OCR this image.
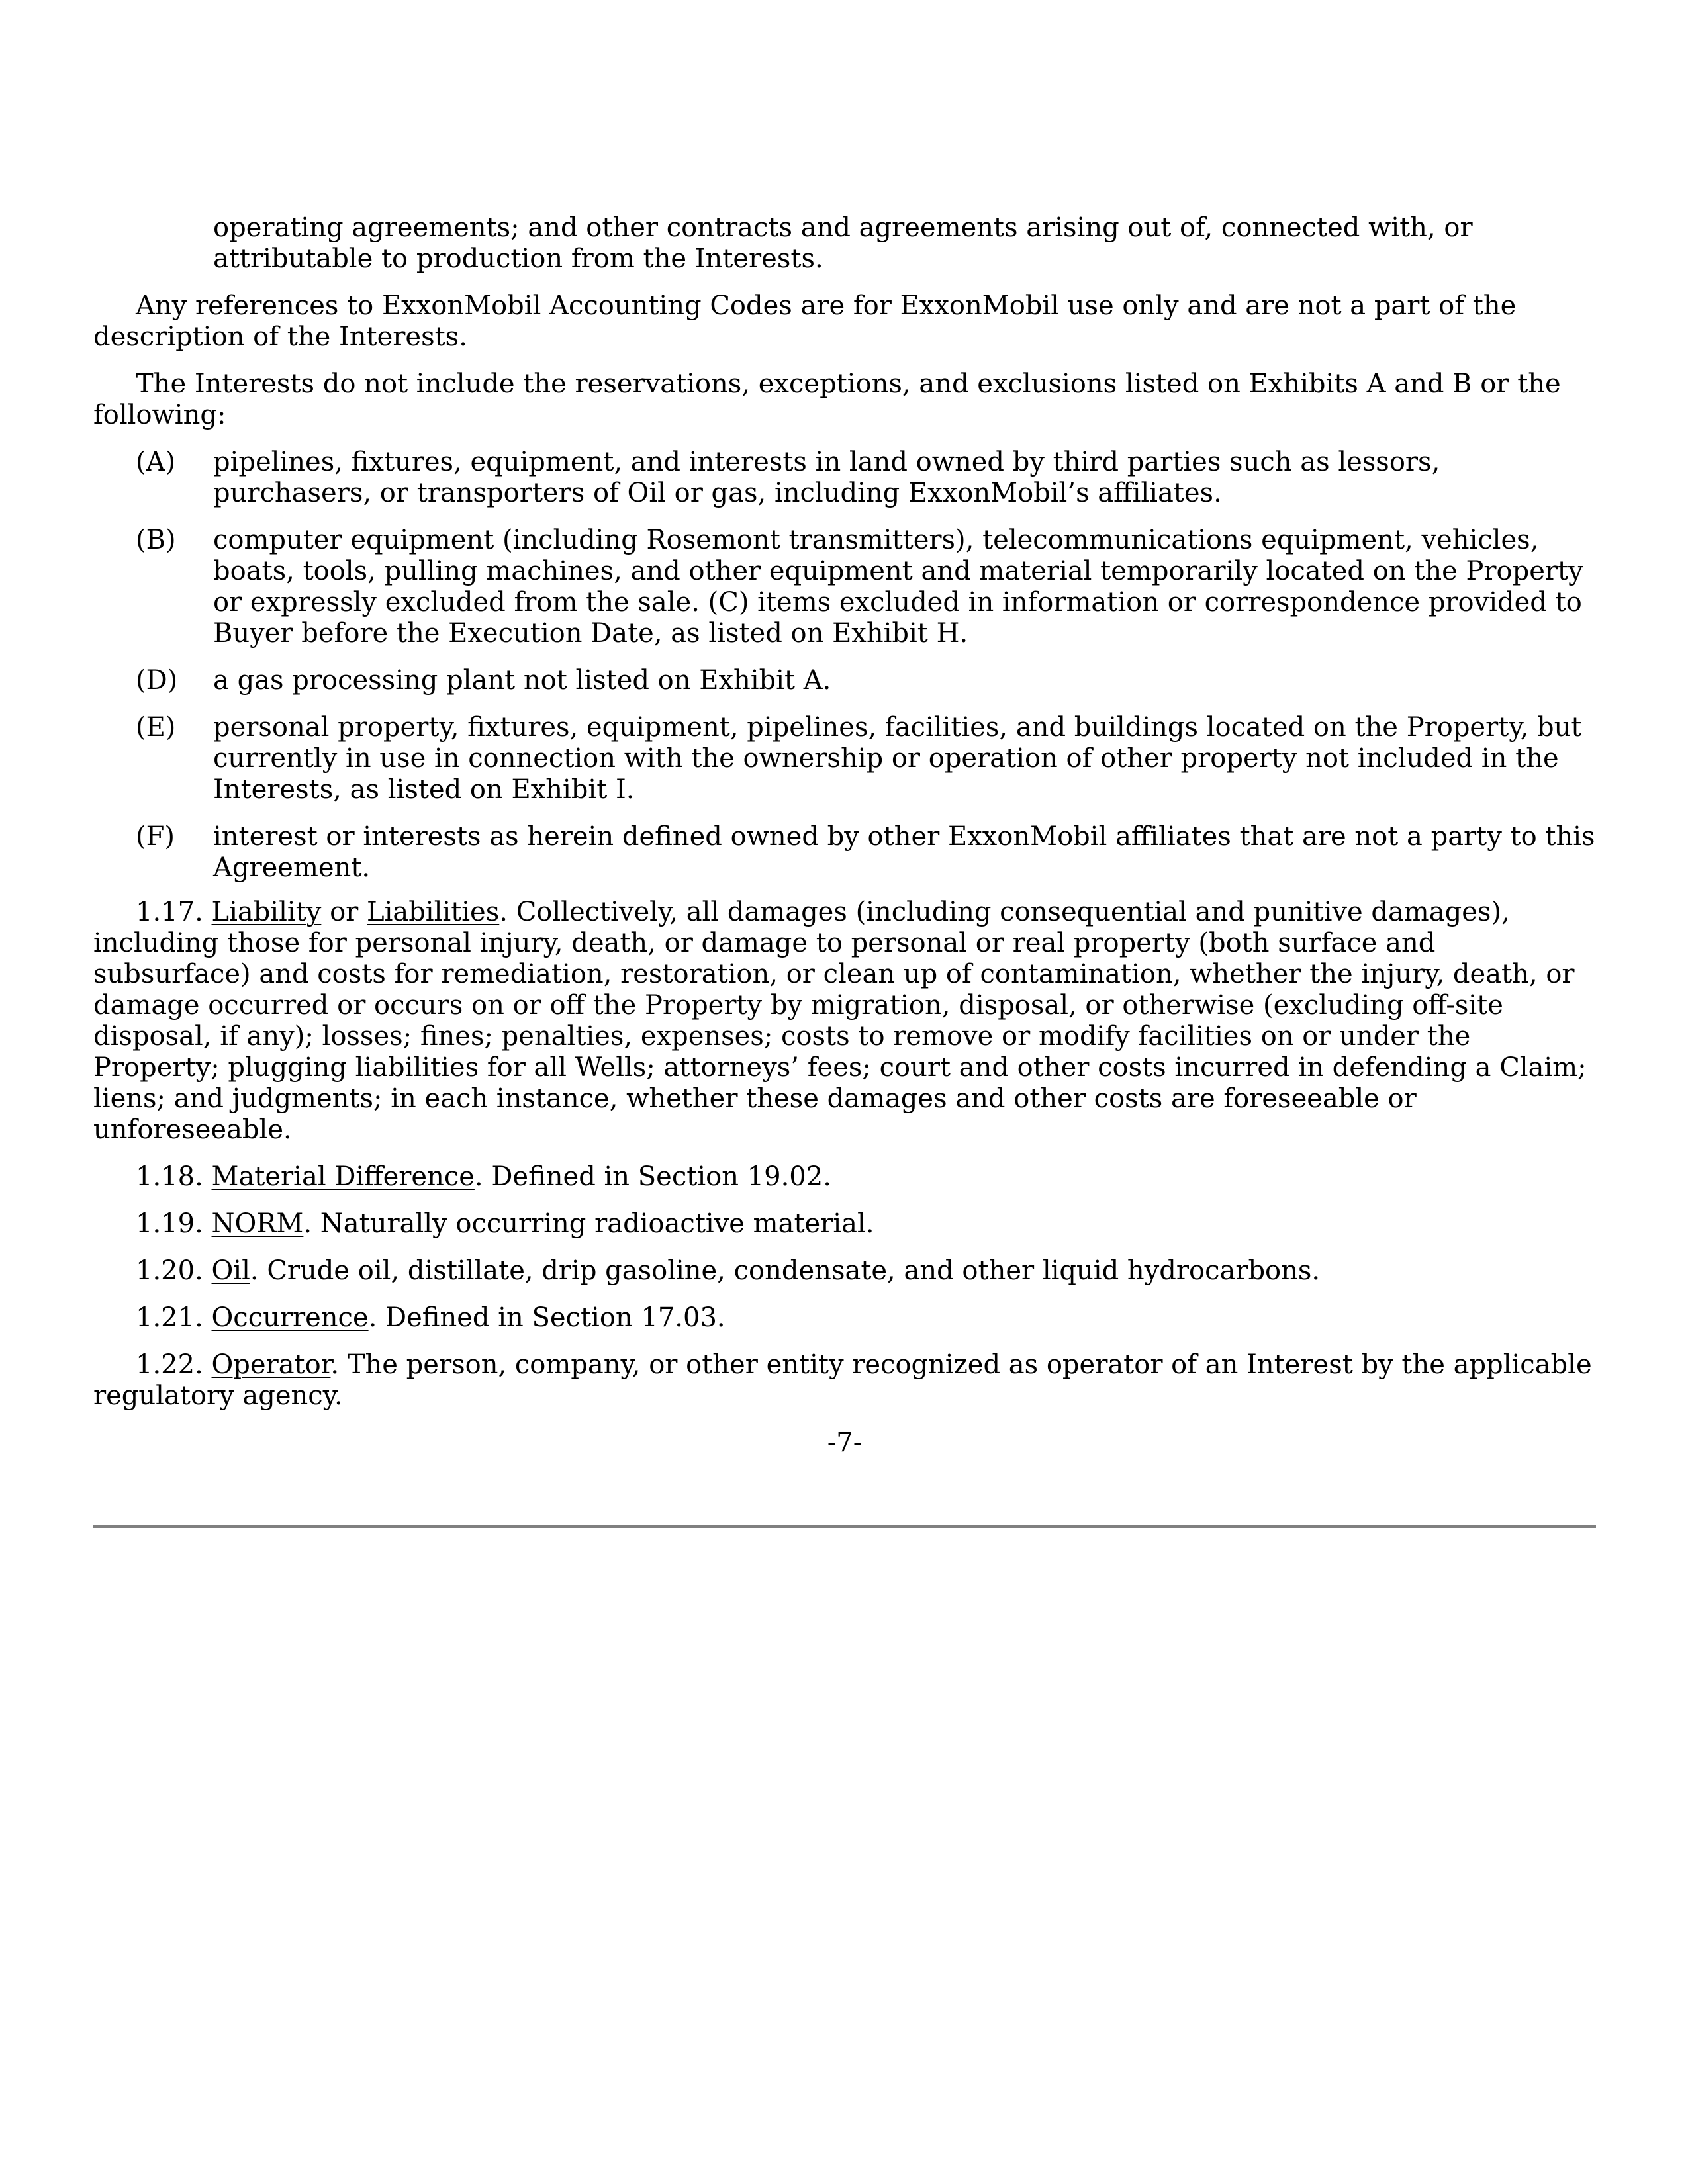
operating agreements; and other contracts and agreements arising out of, connected with, or attributable to production from the Interests.

Any references to ExxonMobil Accounting Codes are for ExxonMobil use only and are not a part of the description of the Interests.

The Interests do not include the reservations, exceptions, and exclusions listed on Exhibits A and B or the following:

(A)	pipelines, fixtures, equipment, and interests in land owned by third parties such as lessors, purchasers, or transporters of Oil or gas, including ExxonMobil’s affiliates.
(B)	computer equipment (including Rosemont transmitters), telecommunications equipment, vehicles, boats, tools, pulling machines, and other equipment and material temporarily located on the Property or expressly excluded from the sale. (C) items excluded in information or correspondence provided to Buyer before the Execution Date, as listed on Exhibit H.
(D)	a gas processing plant not listed on Exhibit A.
(E)	personal property, fixtures, equipment, pipelines, facilities, and buildings located on the Property, but currently in use in connection with the ownership or operation of other property not included in the Interests, as listed on Exhibit I.
(F)	interest or interests as herein defined owned by other ExxonMobil affiliates that are not a party to this Agreement.

1.17. Liability or Liabilities. Collectively, all damages (including consequential and punitive damages), including those for personal injury, death, or damage to personal or real property (both surface and subsurface) and costs for remediation, restoration, or clean up of contamination, whether the injury, death, or damage occurred or occurs on or off the Property by migration, disposal, or otherwise (excluding off-site disposal, if any); losses; fines; penalties, expenses; costs to remove or modify facilities on or under the Property; plugging liabilities for all Wells; attorneys’ fees; court and other costs incurred in defending a Claim; liens; and judgments; in each instance, whether these damages and other costs are foreseeable or unforeseeable.

1.18. Material Difference. Defined in Section 19.02.

1.19. NORM. Naturally occurring radioactive material.

1.20. Oil. Crude oil, distillate, drip gasoline, condensate, and other liquid hydrocarbons.

1.21. Occurrence. Defined in Section 17.03.

1.22. Operator. The person, company, or other entity recognized as operator of an Interest by the applicable regulatory agency.

-7-
